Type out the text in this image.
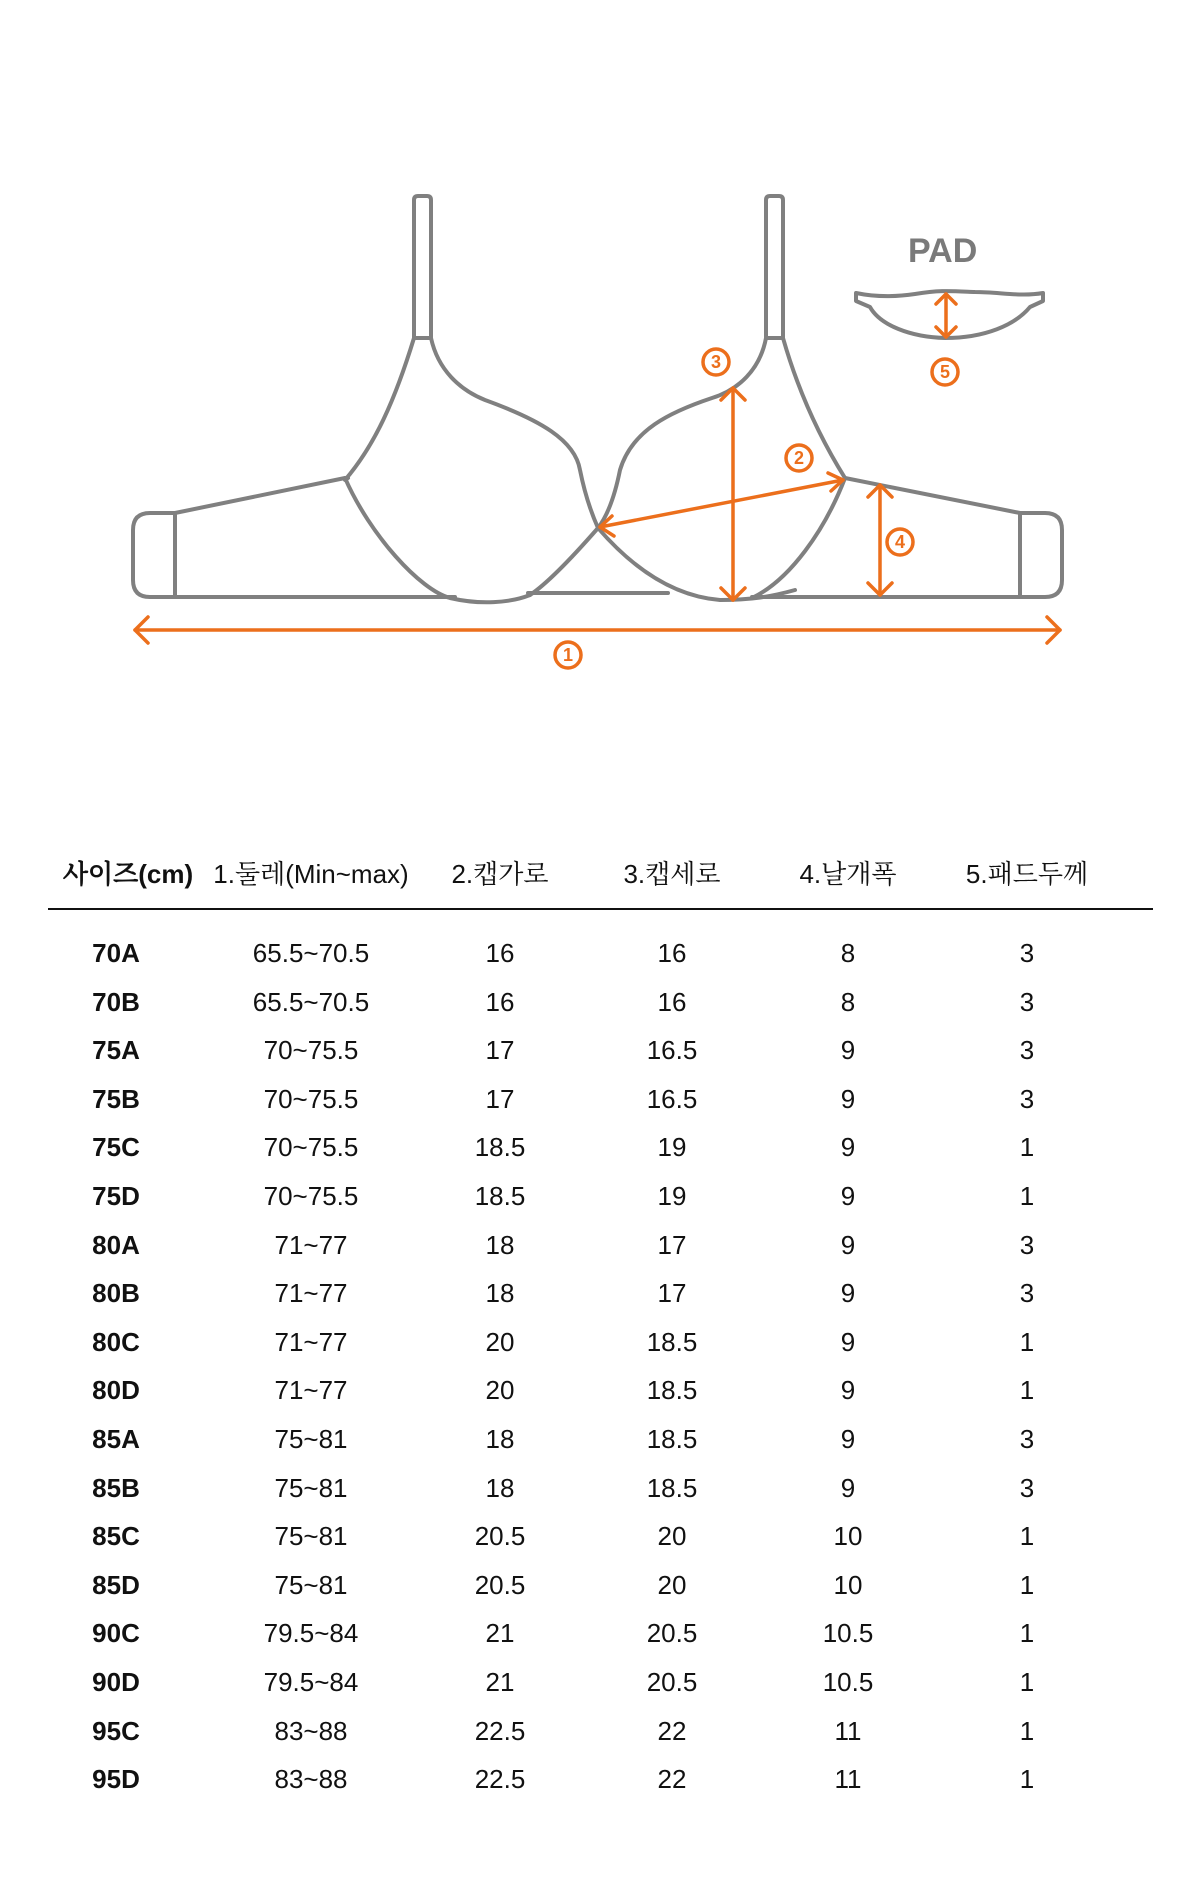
1
2
3
4
5
PAD
사이즈(cm) 1.둘레(Min~max) 2.캡가로	3.캡세로	4.날개폭	5.패드두께
70A	65.5~70.5	16	16	8	3
70B	65.5~70.5	16	16	8	3
75A	70~75.5	17	16.5	9	3
75B	70~75.5	17	16.5	9	3
75C	70~75.5	18.5	19	9	1
75D	70~75.5	18.5	19	9	1
80A	71~77	18	17	9	3
80B	71~77	18	17	9	3
80C	71~77	20	18.5	9	1
80D	71~77	20	18.5	9	1
85A	75~81	18	18.5	9	3
85B	75~81	18	18.5	9	3
85C	75~81	20.5	20	10	1
85D	75~81	20.5	20	10	1
90C	79.5~84	21	20.5	10.5	1
90D	79.5~84	21	20.5	10.5	1
95C	83~88	22.5	22	11	1
95D	83~88	22.5	22	11	1
